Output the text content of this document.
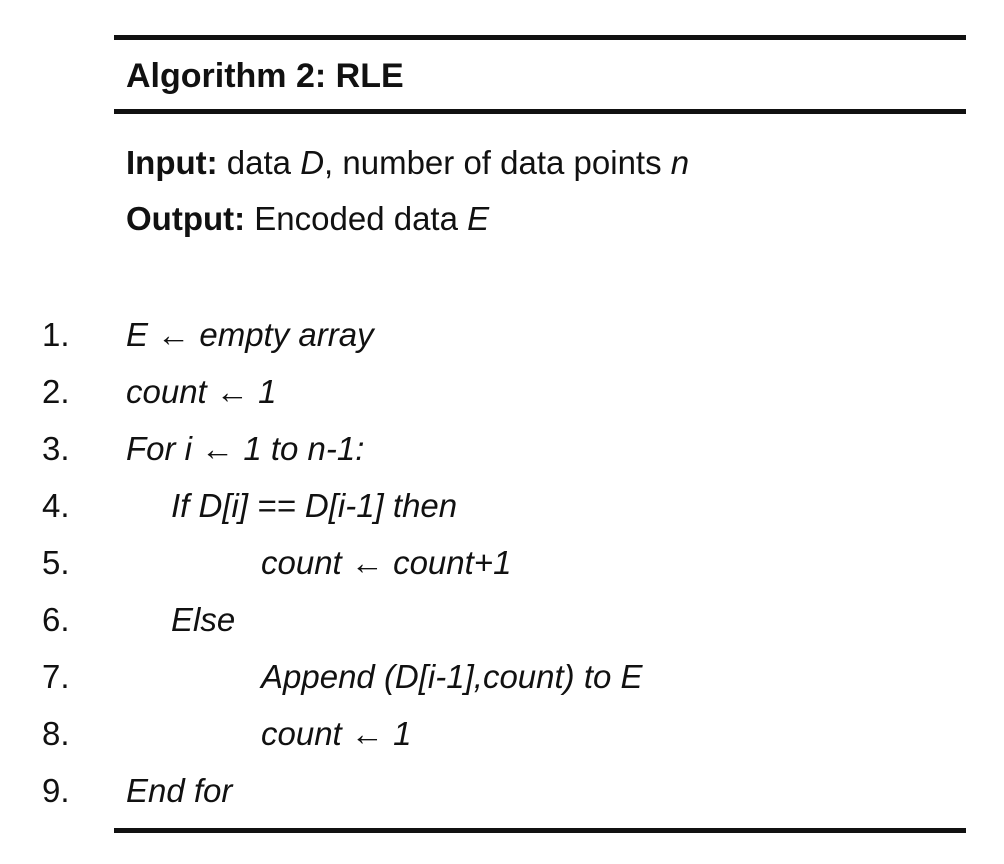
Algorithm 2: RLE
Input: data D, number of data points n
Output: Encoded data E
1.	E ← empty array
2.	count ← 1
3.	For i ← 1 to n-1:
4.	If D[i] == D[i-1] then
5.	count ← count+1
6.	Else
7.	Append (D[i-1],count) to E
8.	count ← 1
9.	End for
